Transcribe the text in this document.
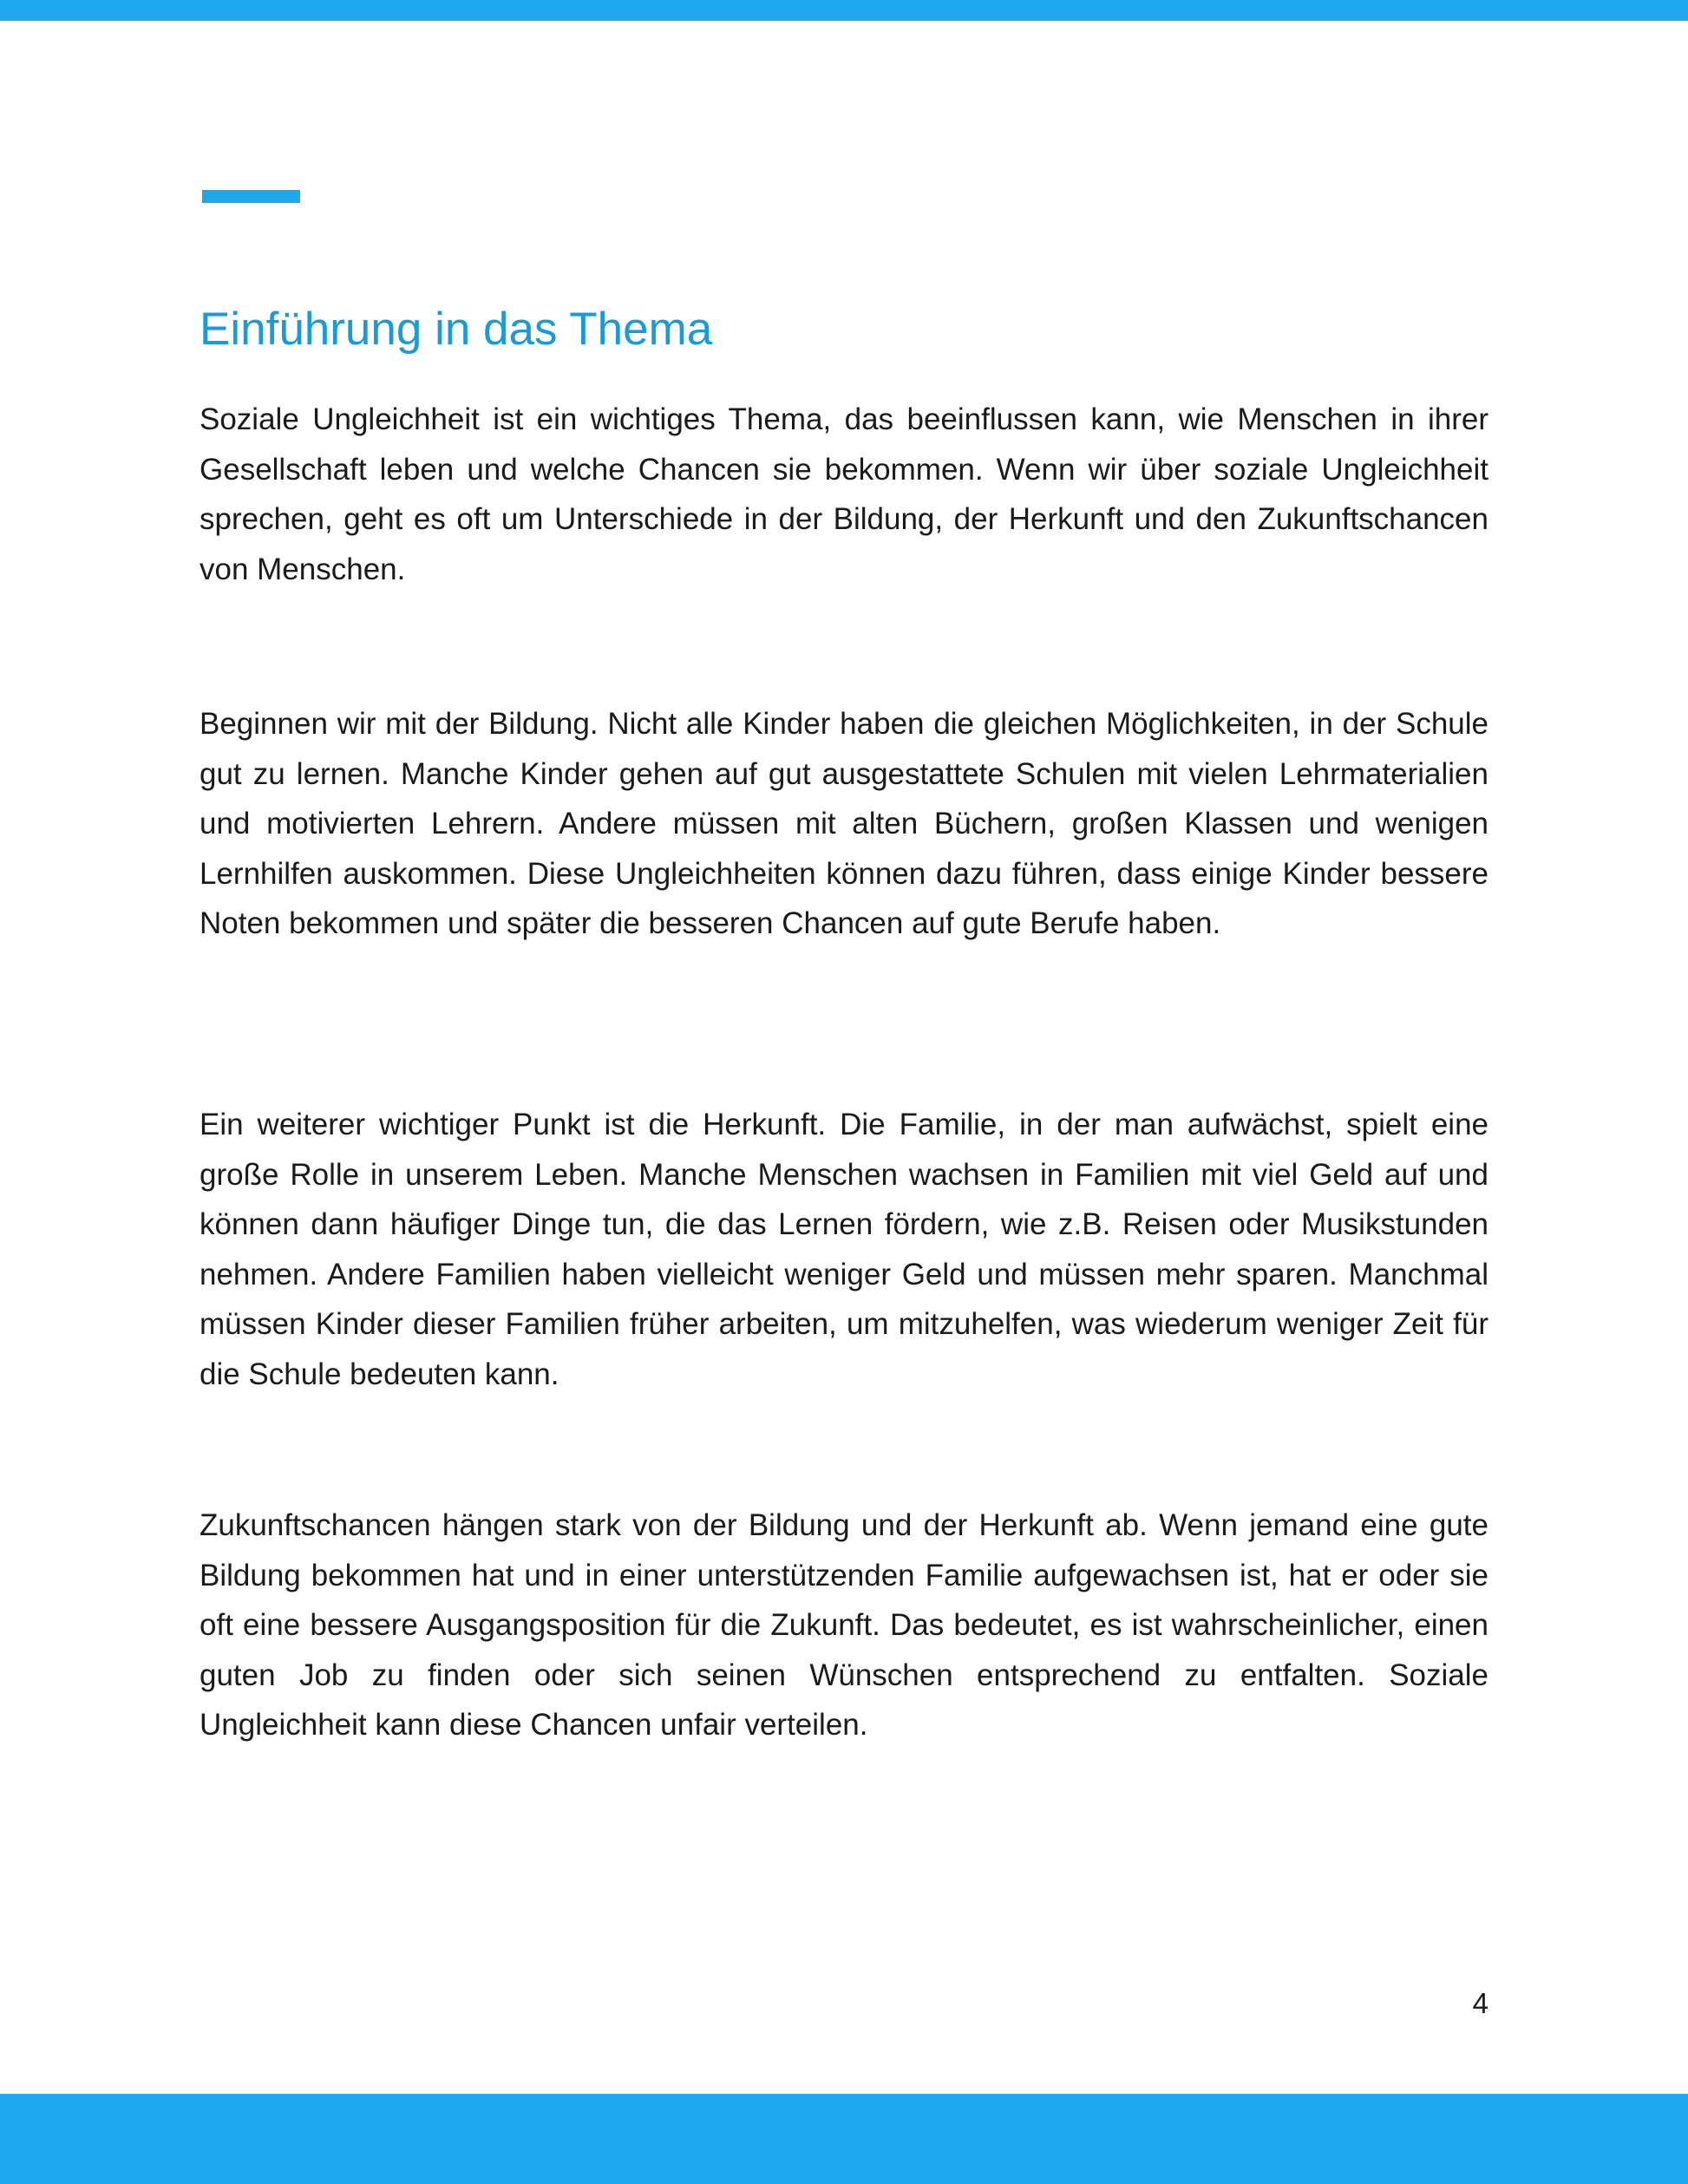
Einführung in das Thema

Soziale Ungleichheit ist ein wichtiges Thema, das beeinflussen kann, wie Menschen in ihrer Gesellschaft leben und welche Chancen sie bekommen. Wenn wir über soziale Ungleichheit sprechen, geht es oft um Unterschiede in der Bildung, der Herkunft und den Zukunftschancen von Menschen.

Beginnen wir mit der Bildung. Nicht alle Kinder haben die gleichen Möglichkeiten, in der Schule gut zu lernen. Manche Kinder gehen auf gut ausgestattete Schulen mit vielen Lehrmaterialien und motivierten Lehrern. Andere müssen mit alten Büchern, großen Klassen und wenigen Lernhilfen auskommen. Diese Ungleichheiten können dazu führen, dass einige Kinder bessere Noten bekommen und später die besseren Chancen auf gute Berufe haben.

Ein weiterer wichtiger Punkt ist die Herkunft. Die Familie, in der man aufwächst, spielt eine große Rolle in unserem Leben. Manche Menschen wachsen in Familien mit viel Geld auf und können dann häufiger Dinge tun, die das Lernen fördern, wie z.B. Reisen oder Musikstunden nehmen. Andere Familien haben vielleicht weniger Geld und müssen mehr sparen. Manchmal müssen Kinder dieser Familien früher arbeiten, um mitzuhelfen, was wiederum weniger Zeit für die Schule bedeuten kann.

Zukunftschancen hängen stark von der Bildung und der Herkunft ab. Wenn jemand eine gute Bildung bekommen hat und in einer unterstützenden Familie aufgewachsen ist, hat er oder sie oft eine bessere Ausgangsposition für die Zukunft. Das bedeutet, es ist wahrscheinlicher, einen guten Job zu finden oder sich seinen Wünschen entsprechend zu entfalten. Soziale Ungleichheit kann diese Chancen unfair verteilen.

4
